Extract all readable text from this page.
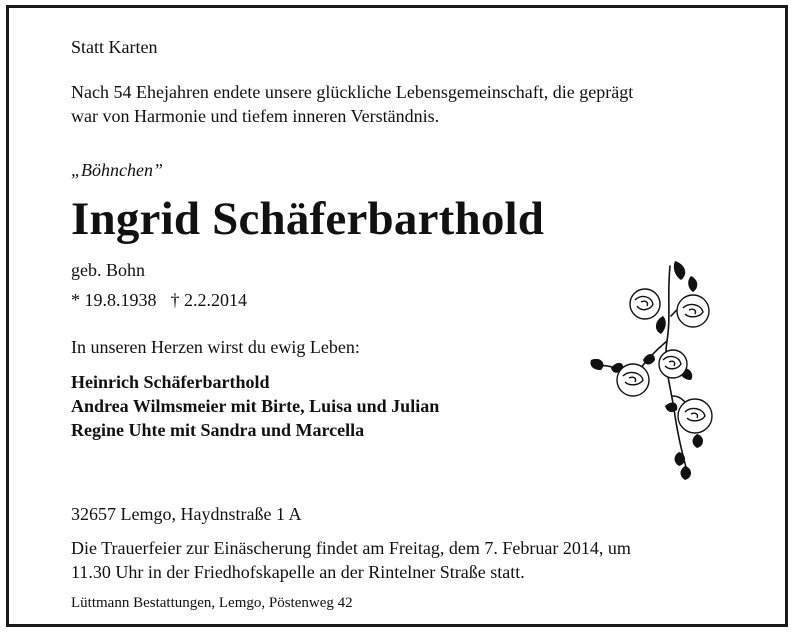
Statt Karten

Nach 54 Ehejahren endete unsere glückliche Lebensgemeinschaft, die geprägt
war von Harmonie und tiefem inneren Verständnis.

„Böhnchen”

Ingrid Schäferbarthold

geb. Bohn

* 19.8.1938 † 2.2.2014

In unseren Herzen wirst du ewig Leben:

Heinrich Schäferbarthold
Andrea Wilmsmeier mit Birte, Luisa und Julian
Regine Uhte mit Sandra und Marcella

32657 Lemgo, Haydnstraße 1 A

Die Trauerfeier zur Einäscherung findet am Freitag, dem 7. Februar 2014, um
11.30 Uhr in der Friedhofskapelle an der Rintelner Straße statt.

Lüttmann Bestattungen, Lemgo, Pöstenweg 42
